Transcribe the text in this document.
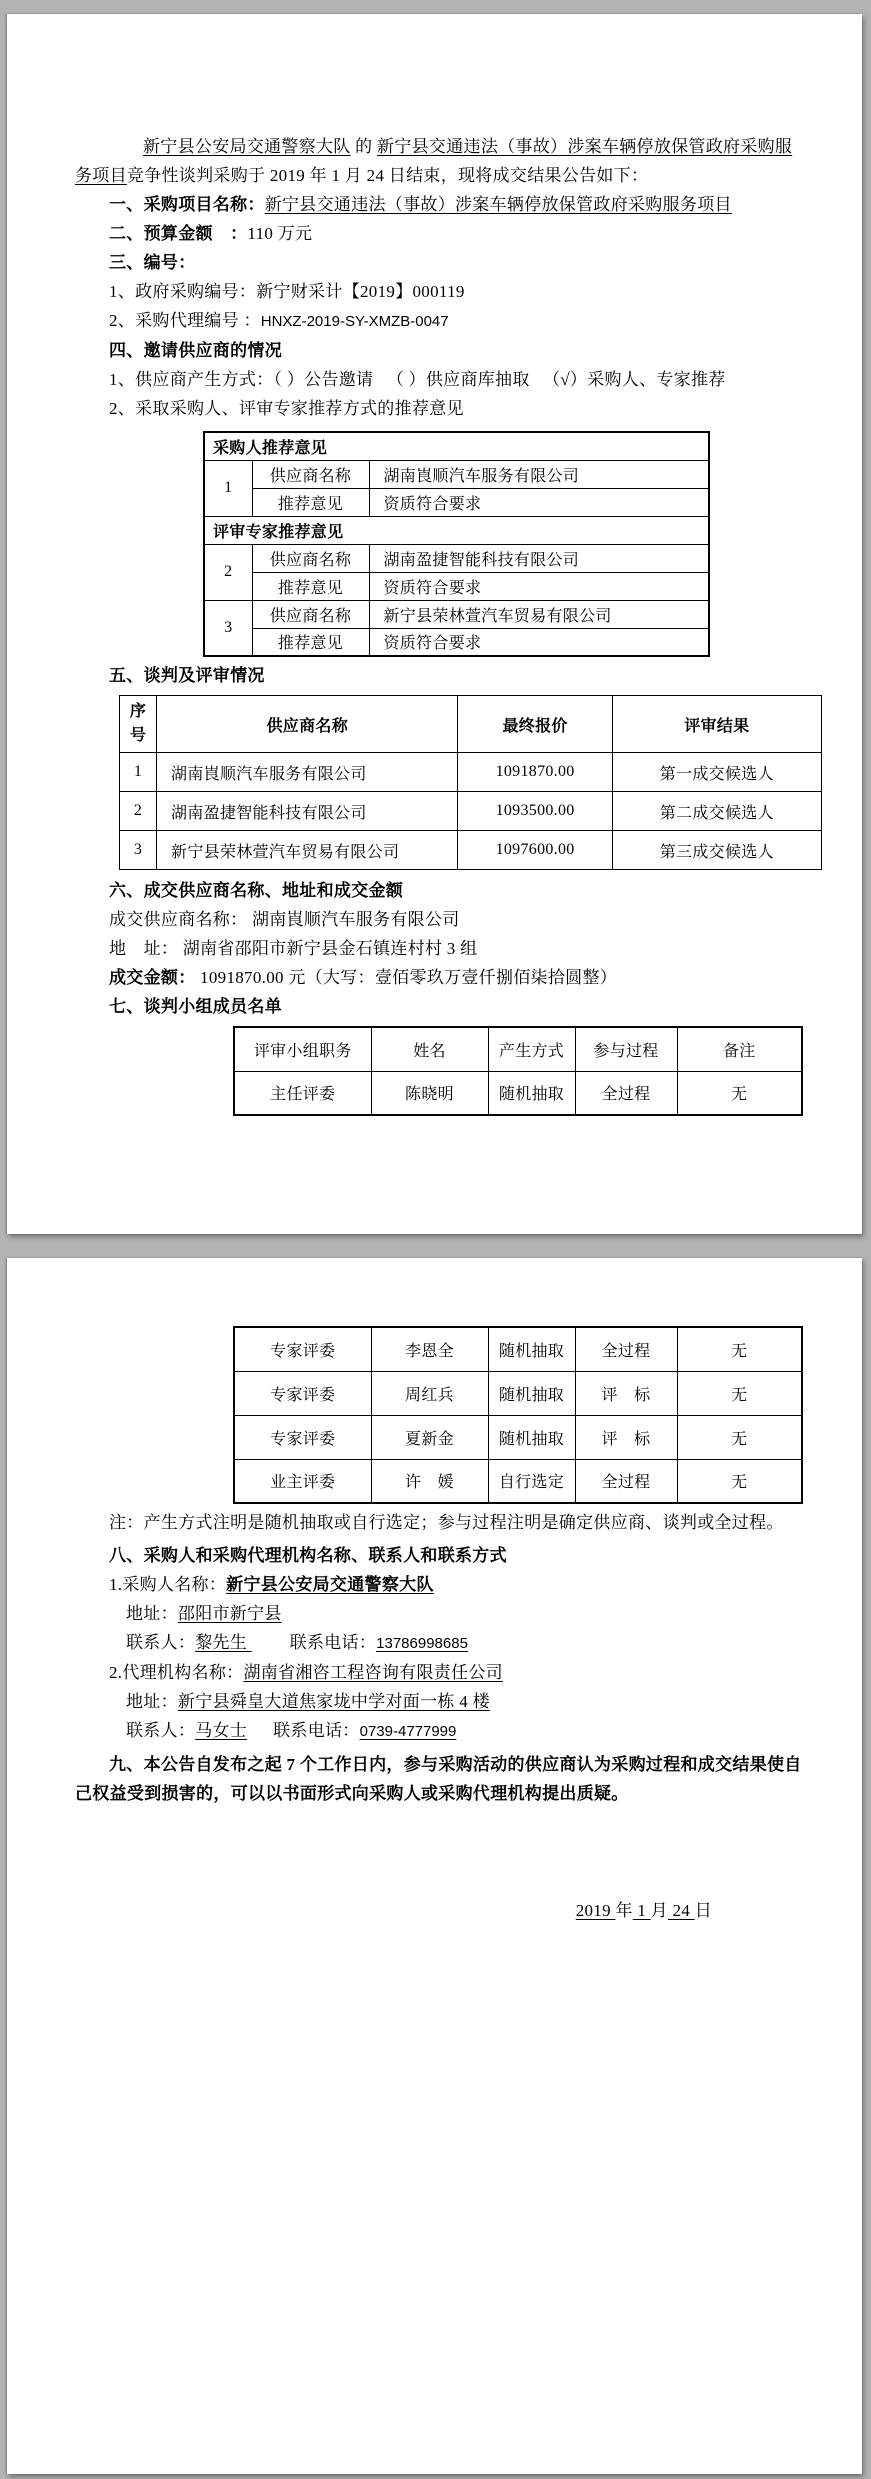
新宁县公安局交通警察大队 的 新宁县交通违法（事故）涉案车辆停放保管政府采购服务项目竞争性谈判采购于 2019 年 1 月 24 日结束，现将成交结果公告如下：

一、采购项目名称：新宁县交通违法（事故）涉案车辆停放保管政府采购服务项目

二、预算金额　：110 万元

三、编号：

1、政府采购编号：新宁财采计【2019】000119

2、采购代理编号 ：HNXZ-2019-SY-XMZB-0047

四、邀请供应商的情况

1、供应商产生方式：（ ）公告邀请 　（ ）供应商库抽取 　（√）采购人、专家推荐

2、采取采购人、评审专家推荐方式的推荐意见

采购人推荐意见		
1	供应商名称	湖南崀顺汽车服务有限公司
	推荐意见	资质符合要求
评审专家推荐意见		
2	供应商名称	湖南盈捷智能科技有限公司
	推荐意见	资质符合要求
3	供应商名称	新宁县荣林萱汽车贸易有限公司
	推荐意见	资质符合要求

五、谈判及评审情况

序号	供应商名称	最终报价	评审结果
1	湖南崀顺汽车服务有限公司	1091870.00	第一成交候选人
2	湖南盈捷智能科技有限公司	1093500.00	第二成交候选人
3	新宁县荣林萱汽车贸易有限公司	1097600.00	第三成交候选人

六、成交供应商名称、地址和成交金额

成交供应商名称： 湖南崀顺汽车服务有限公司

地　址： 湖南省邵阳市新宁县金石镇连村村 3 组

成交金额： 1091870.00 元（大写：壹佰零玖万壹仟捌佰柒拾圆整）

七、谈判小组成员名单

评审小组职务	姓名	产生方式	参与过程	备注
主任评委	陈晓明	随机抽取	全过程	无
专家评委	李恩全	随机抽取	全过程	无
专家评委	周红兵	随机抽取	评　标	无
专家评委	夏新金	随机抽取	评　标	无
业主评委	许　媛	自行选定	全过程	无

注：产生方式注明是随机抽取或自行选定；参与过程注明是确定供应商、谈判或全过程。

八、采购人和采购代理机构名称、联系人和联系方式

1.采购人名称：新宁县公安局交通警察大队

地址：邵阳市新宁县

联系人：黎先生 联系电话：13786998685

2.代理机构名称：湖南省湘咨工程咨询有限责任公司

地址：新宁县舜皇大道焦家垅中学对面一栋 4 楼

联系人：马女士 联系电话：0739-4777999

九、本公告自发布之起 7 个工作日内，参与采购活动的供应商认为采购过程和成交结果使自己权益受到损害的，可以以书面形式向采购人或采购代理机构提出质疑。

2019 年 1 月 24 日
